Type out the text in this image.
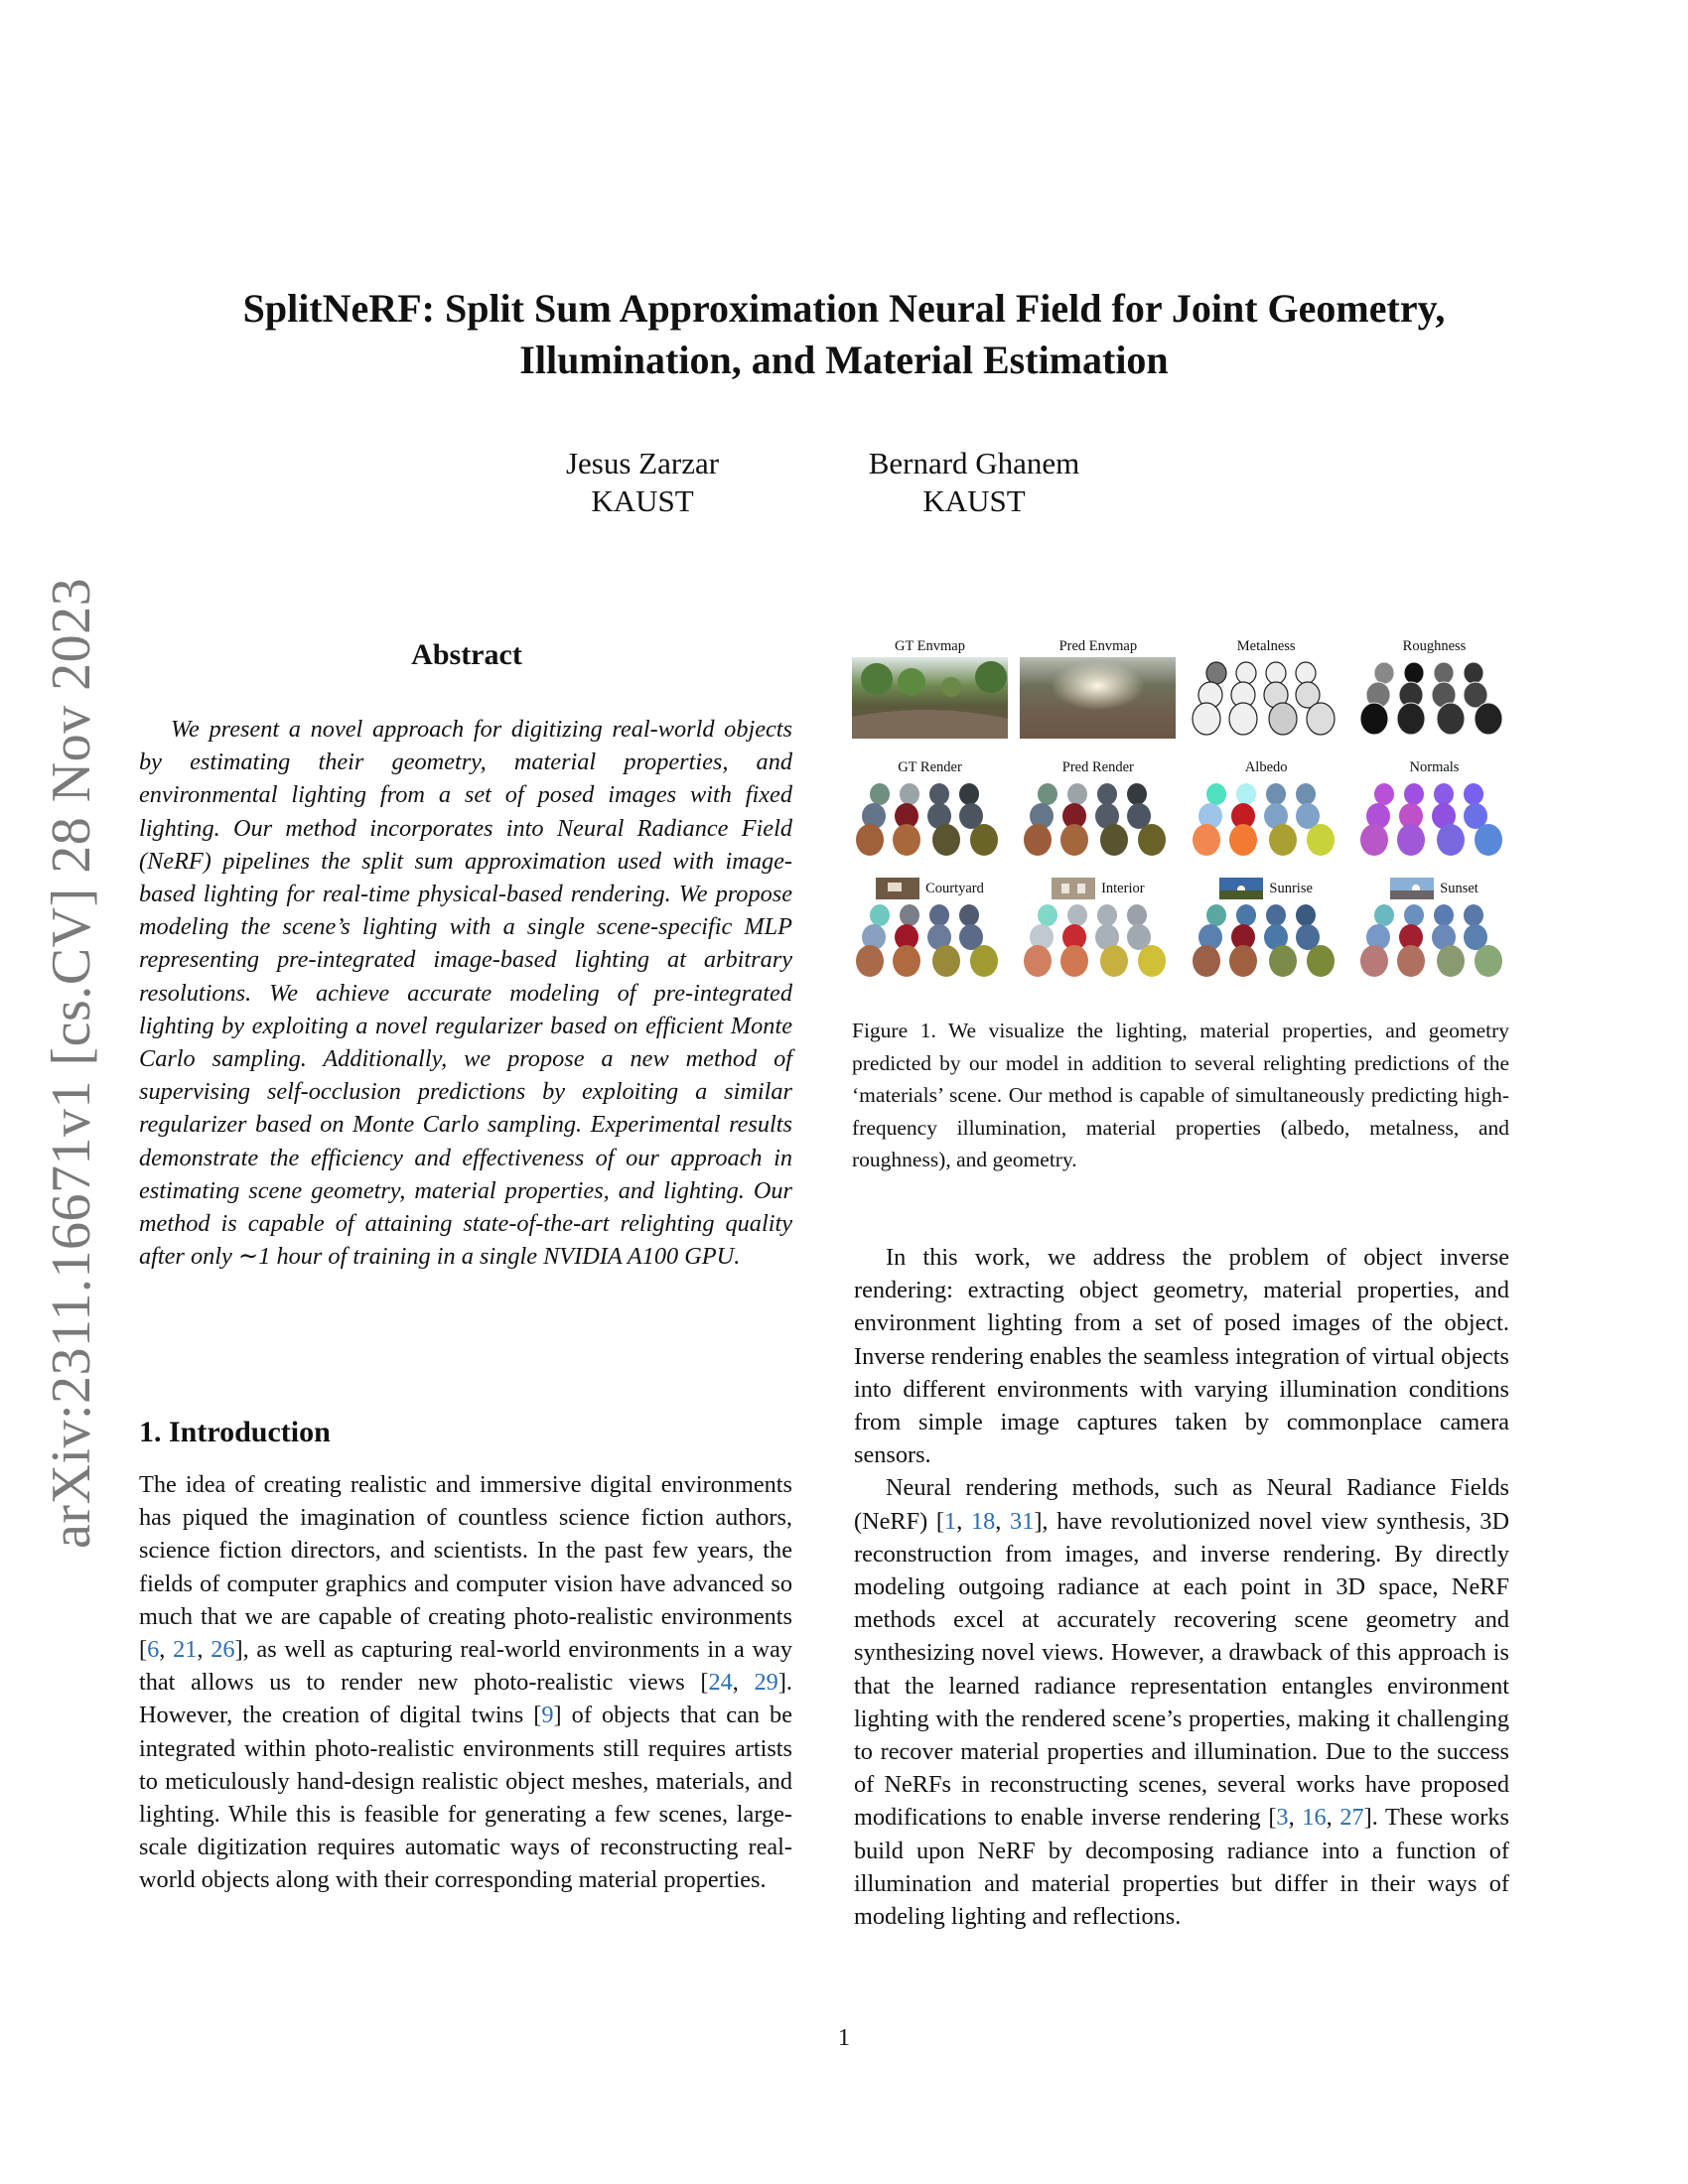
SplitNeRF: Split Sum Approximation Neural Field for Joint Geometry,
Illumination, and Material Estimation
Jesus Zarzar
KAUST
Bernard Ghanem
KAUST
arXiv:2311.16671v1 [cs.CV] 28 Nov 2023	Abstract
We present a novel approach for digitizing real-world objects by estimating their geometry, material properties, and environmental lighting from a set of posed images with fixed lighting. Our method incorporates into Neural Radiance Field (NeRF) pipelines the split sum approximation used with image-based lighting for real-time physical-based rendering. We propose modeling the scene’s lighting with a single scene-specific MLP representing pre-integrated image-based lighting at arbitrary resolutions. We achieve accurate modeling of pre-integrated lighting by exploiting a novel regularizer based on efficient Monte Carlo sampling. Additionally, we propose a new method of supervising self-occlusion predictions by exploiting a similar regularizer based on Monte Carlo sampling. Experimental results demonstrate the efficiency and effectiveness of our approach in estimating scene geometry, material properties, and lighting. Our method is capable of attaining state-of-the-art relighting quality after only ∼1 hour of training in a single NVIDIA A100 GPU.
GT Envmap	Pred Envmap	Metalness	Roughness
GT Render	Pred Render	Albedo	Normals
Courtyard	Interior	Sunrise	Sunset
Figure 1. We visualize the lighting, material properties, and geometry predicted by our model in addition to several relighting predictions of the ‘materials’ scene. Our method is capable of simultaneously predicting high-frequency illumination, material properties (albedo, metalness, and roughness), and geometry.
1. Introduction

The idea of creating realistic and immersive digital environments has piqued the imagination of countless science fiction authors, science fiction directors, and scientists. In the past few years, the fields of computer graphics and computer vision have advanced so much that we are capable of creating photo-realistic environments [6, 21, 26], as well as capturing real-world environments in a way that allows us to render new photo-realistic views [24, 29]. However, the creation of digital twins [9] of objects that can be integrated within photo-realistic environments still requires artists to meticulously hand-design realistic object meshes, materials, and lighting. While this is feasible for generating a few scenes, large-scale digitization requires automatic ways of reconstructing real-world objects along with their corresponding material properties.

In this work, we address the problem of object inverse rendering: extracting object geometry, material properties, and environment lighting from a set of posed images of the object. Inverse rendering enables the seamless integration of virtual objects into different environments with varying illumination conditions from simple image captures taken by commonplace camera sensors.

Neural rendering methods, such as Neural Radiance Fields (NeRF) [1, 18, 31], have revolutionized novel view synthesis, 3D reconstruction from images, and inverse rendering. By directly modeling outgoing radiance at each point in 3D space, NeRF methods excel at accurately recovering scene geometry and synthesizing novel views. However, a drawback of this approach is that the learned radiance representation entangles environment lighting with the rendered scene’s properties, making it challenging to recover material properties and illumination. Due to the success of NeRFs in reconstructing scenes, several works have proposed modifications to enable inverse rendering [3, 16, 27]. These works build upon NeRF by decomposing radiance into a function of illumination and material properties but differ in their ways of modeling lighting and reflections.

1
